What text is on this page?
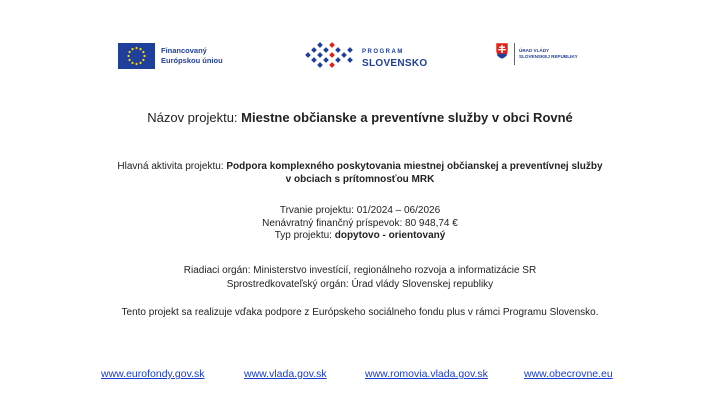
Financovaný
Európskou úniou
PROGRAM
SLOVENSKO
ÚRAD VLÁDY
SLOVENSKEJ REPUBLIKY
Názov projektu: Miestne občianske a preventívne služby v obci Rovné
Hlavná aktivita projektu: Podpora komplexného poskytovania miestnej občianskej a preventívnej služby
v obciach s prítomnosťou MRK
Trvanie projektu: 01/2024 – 06/2026
Nenávratný finančný príspevok: 80 948,74 €
Typ projektu: dopytovo - orientovaný
Riadiaci orgán: Ministerstvo investícií, regionálneho rozvoja a informatizácie SR
Sprostredkovateľský orgán: Úrad vlády Slovenskej republiky
Tento projekt sa realizuje vďaka podpore z Európskeho sociálneho fondu plus v rámci Programu Slovensko.
www.eurofondy.gov.sk	www.vlada.gov.sk	www.romovia.vlada.gov.sk	www.obecrovne.eu
